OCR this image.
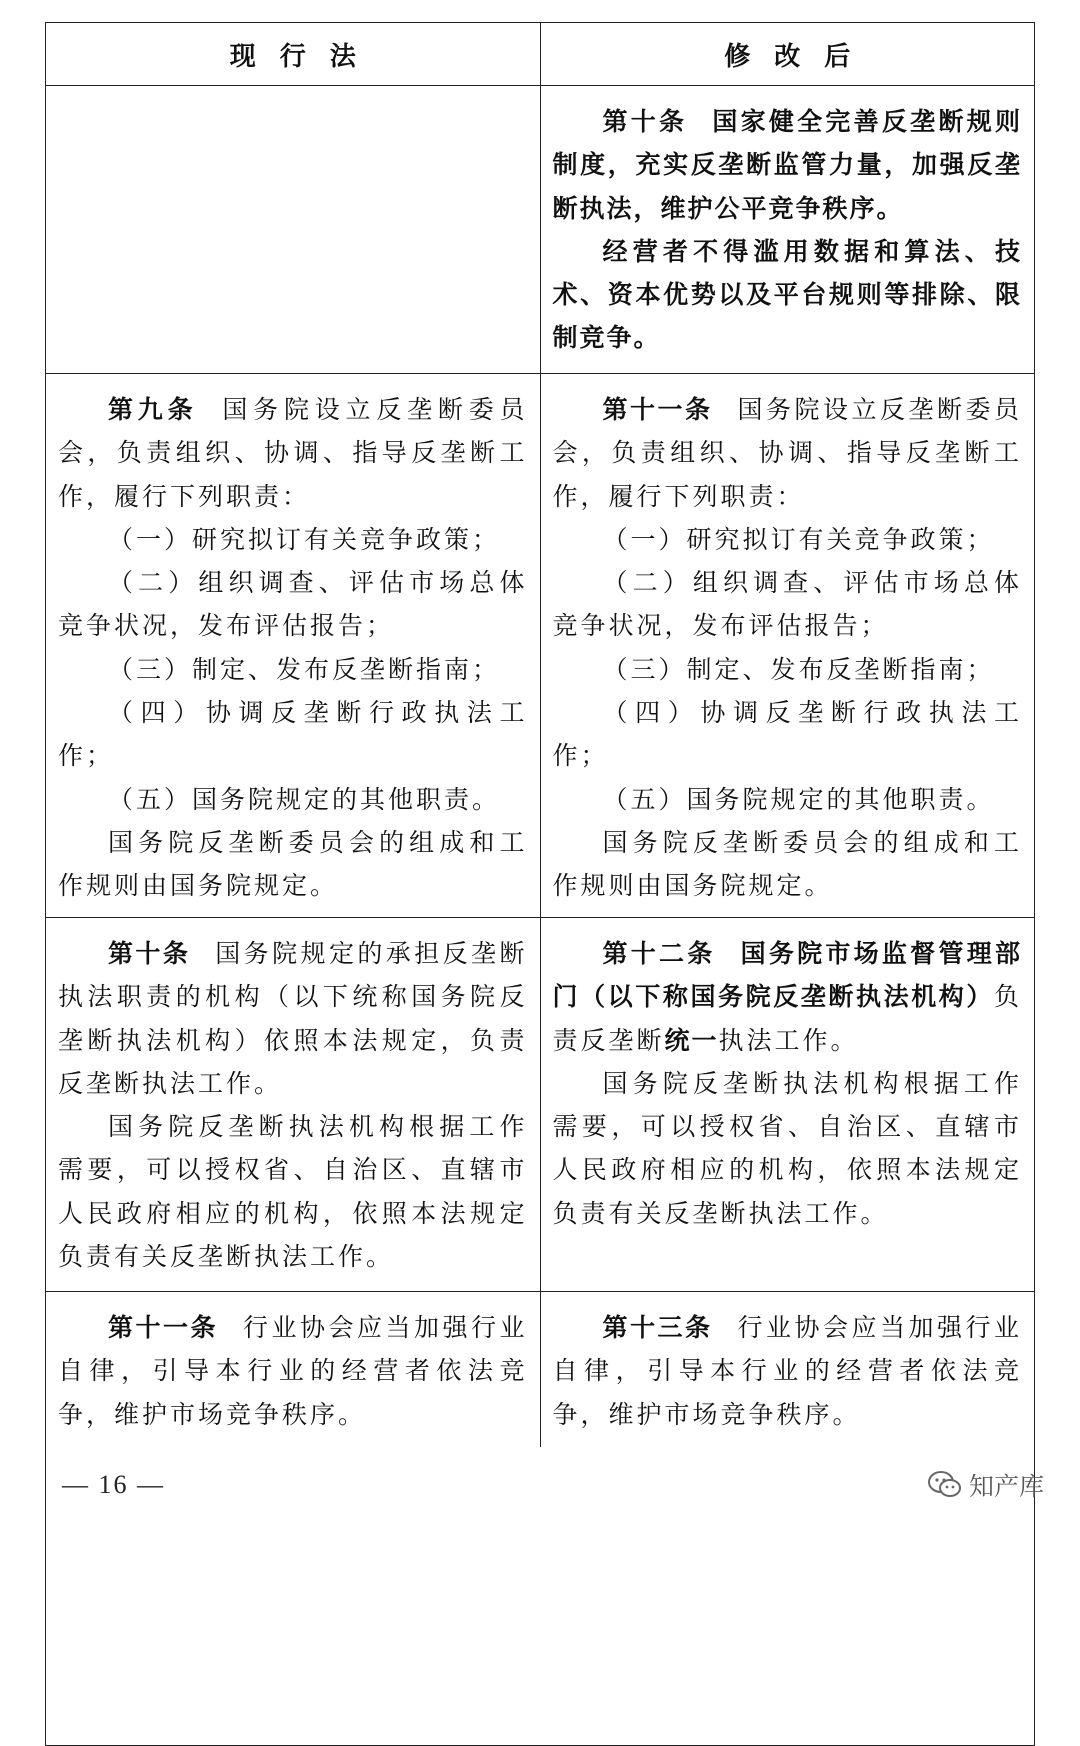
现行法	修改后

第十条 国家健全完善反垄断规则制度，充实反垄断监管力量，加强反垄断执法，维护公平竞争秩序。

经营者不得滥用数据和算法、技术、资本优势以及平台规则等排除、限制竞争。

第九条 国务院设立反垄断委员会，负责组织、协调、指导反垄断工作，履行下列职责：

（一）研究拟订有关竞争政策；

（二）组织调查、评估市场总体竞争状况，发布评估报告；

（三）制定、发布反垄断指南；

（四）协调反垄断行政执法工作；

（五）国务院规定的其他职责。

国务院反垄断委员会的组成和工作规则由国务院规定。

第十一条 国务院设立反垄断委员会，负责组织、协调、指导反垄断工作，履行下列职责：

（一）研究拟订有关竞争政策；

（二）组织调查、评估市场总体竞争状况，发布评估报告；

（三）制定、发布反垄断指南；

（四）协调反垄断行政执法工作；

（五）国务院规定的其他职责。

国务院反垄断委员会的组成和工作规则由国务院规定。

第十条 国务院规定的承担反垄断执法职责的机构（以下统称国务院反垄断执法机构）依照本法规定，负责反垄断执法工作。

国务院反垄断执法机构根据工作需要，可以授权省、自治区、直辖市人民政府相应的机构，依照本法规定负责有关反垄断执法工作。

第十二条 国务院市场监督管理部门（以下称国务院反垄断执法机构）负责反垄断统一执法工作。

国务院反垄断执法机构根据工作需要，可以授权省、自治区、直辖市人民政府相应的机构，依照本法规定负责有关反垄断执法工作。

第十一条 行业协会应当加强行业自律，引导本行业的经营者依法竞争，维护市场竞争秩序。

第十三条 行业协会应当加强行业自律，引导本行业的经营者依法竞争，维护市场竞争秩序。

— 16 —	知产库
